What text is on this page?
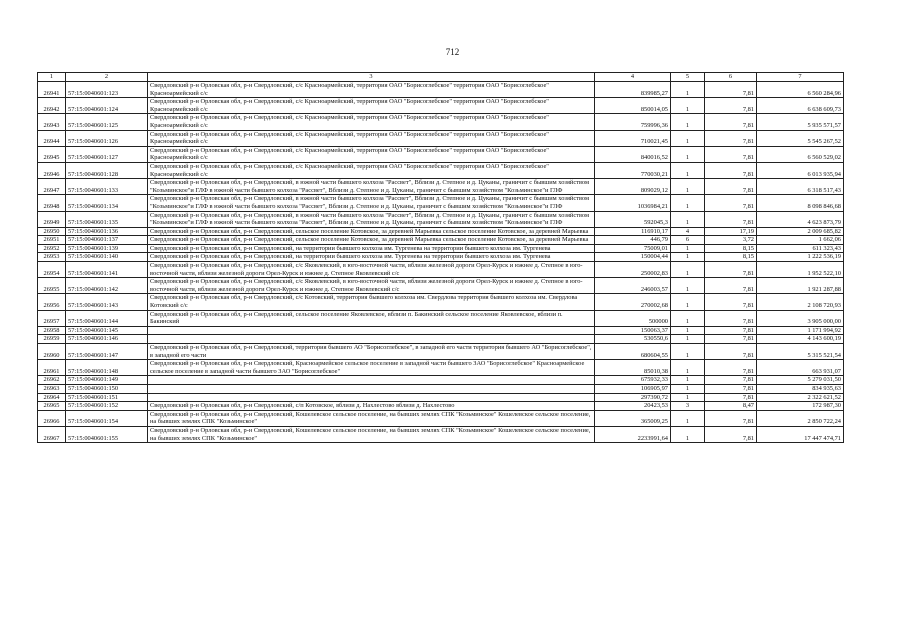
712
1	2	3	4	5	6	7
26941	57:15:0040601:123	Свердловский р-н Орловская обл, р-н Свердловский, с/с Красноармейский, территория ОАО "Борисоглебское" территория ОАО "Борисоглебское" Красноармейский с/с	839985,27	1	7,81	6 560 284,96
26942	57:15:0040601:124	Свердловский р-н Орловская обл, р-н Свердловский, с/с Красноармейский, территория ОАО "Борисоглебское" территория ОАО "Борисоглебское" Красноармейский с/с	850014,05	1	7,81	6 638 609,73
26943	57:15:0040601:125	Свердловский р-н Орловская обл, р-н Свердловский, с/с Красноармейский, территория ОАО "Борисоглебское" территория ОАО "Борисоглебское" Красноармейский с/с	759996,36	1	7,81	5 935 571,57
26944	57:15:0040601:126	Свердловский р-н Орловская обл, р-н Свердловский, с/с Красноармейский, территория ОАО "Борисоглебское" территория ОАО "Борисоглебское" Красноармейский с/с	710021,45	1	7,81	5 545 267,52
26945	57:15:0040601:127	Свердловский р-н Орловская обл, р-н Свердловский, с/с Красноармейский, территория ОАО "Борисоглебское" территория ОАО "Борисоглебское" Красноармейский с/с	840016,52	1	7,81	6 560 529,02
26946	57:15:0040601:128	Свердловский р-н Орловская обл, р-н Свердловский, с/с Красноармейский, территория ОАО "Борисоглебское" территория ОАО "Борисоглебское" Красноармейский с/с	770030,21	1	7,81	6 013 935,94
26947	57:15:0040601:133	Свердловский р-н Орловская обл, р-н Свердловский, в южной части бывшего колхоза "Рассвет", Вблизи д. Степное и д. Цуканы, граничит с бывшим хозяйством "Козьминское"и ГЛФ в южной части бывшего колхоза "Рассвет", Вблизи д. Степное и д. Цуканы, граничит с бывшим хозяйством "Козьминское"и ГЛФ	809029,12	1	7,81	6 318 517,43
26948	57:15:0040601:134	Свердловский р-н Орловская обл, р-н Свердловский, в южной части бывшего колхоза "Рассвет", Вблизи д. Степное и д. Цуканы, граничит с бывшим хозяйством "Козьминское"и ГЛФ в южной части бывшего колхоза "Рассвет", Вблизи д. Степное и д. Цуканы, граничит с бывшим хозяйством "Козьминское"и ГЛФ	1036984,21	1	7,81	8 098 846,68
26949	57:15:0040601:135	Свердловский р-н Орловская обл, р-н Свердловский, в южной части бывшего колхоза "Рассвет", Вблизи д. Степное и д. Цуканы, граничит с бывшим хозяйством "Козьминское"и ГЛФ в южной части бывшего колхоза "Рассвет", Вблизи д. Степное и д. Цуканы, граничит с бывшим хозяйством "Козьминское"и ГЛФ	592045,3	1	7,81	4 623 873,79
26950	57:15:0040601:136	Свердловский р-н Орловская обл, р-н Свердловский, сельское поселение Котовское, за деревней Марьевка сельское поселение Котовское, за деревней Марьевка	116910,17	4	17,19	2 009 685,82
26951	57:15:0040601:137	Свердловский р-н Орловская обл, р-н Свердловский, сельское поселение Котовское, за деревней Марьевка сельское поселение Котовское, за деревней Марьевка	446,79	6	3,72	1 662,06
26952	57:15:0040601:139	Свердловский р-н Орловская обл, р-н Свердловский, на территории бывшего колхоза им. Тургенева на территории бывшего колхоза им. Тургенева	75009,01	1	8,15	611 323,43
26953	57:15:0040601:140	Свердловский р-н Орловская обл, р-н Свердловский, на территории бывшего колхоза им. Тургенева на территории бывшего колхоза им. Тургенева	150004,44	1	8,15	1 222 536,19
26954	57:15:0040601:141	Свердловский р-н Орловская обл, р-н Свердловский, с/с Яковлевский, в юго-восточной части, вблизи железной дороги Орел-Курск и южнее д. Степное в юго-восточной части, вблизи железной дороги Орел-Курск и южнее д. Степное Яковлевский с/с	250002,83	1	7,81	1 952 522,10
26955	57:15:0040601:142	Свердловский р-н Орловская обл, р-н Свердловский, с/с Яковлевский, в юго-восточной части, вблизи железной дороги Орел-Курск и южнее д. Степное в юго-восточной части, вблизи железной дороги Орел-Курск и южнее д. Степное Яковлевский с/с	246003,57	1	7,81	1 921 287,88
26956	57:15:0040601:143	Свердловский р-н Орловская обл, р-н Свердловский, с/с Котовский, территория бывшего колхоза им. Свердлова территория бывшего колхоза им. Свердлова Котовский с/с	270002,68	1	7,81	2 108 720,93
26957	57:15:0040601:144	Свердловский р-н Орловская обл, р-н Свердловский, сельское поселение Яковлевское, вблизи п. Бакинский сельское поселение Яковлевское, вблизи п. Бакинский	500000	1	7,81	3 905 000,00
26958	57:15:0040601:145		150063,37	1	7,81	1 171 994,92
26959	57:15:0040601:146		530550,6	1	7,81	4 143 600,19
26960	57:15:0040601:147	Свердловский р-н Орловская обл, р-н Свердловский, территория бывшего АО "Борисоглебское", в западной его части территория бывшего АО "Борисоглебское", в западной его части	680604,55	1	7,81	5 315 521,54
26961	57:15:0040601:148	Свердловский р-н Орловская обл, р-н Свердловский, Красноармейское сельское поселение в западной части бывшего ЗАО "Борисоглебское" Красноармейское сельское поселение в западной части бывшего ЗАО "Борисоглебское"	85010,38	1	7,81	663 931,07
26962	57:15:0040601:149		675932,33	1	7,81	5 279 031,50
26963	57:15:0040601:150		106905,97	1	7,81	834 935,63
26964	57:15:0040601:151		297390,72	1	7,81	2 322 621,52
26965	57:15:0040601:152	Свердловский р-н Орловская обл, р-н Свердловский, с/п Котовское, вблизи д. Нахлестово вблизи д. Нахлестово	20423,53	3	8,47	172 987,30
26966	57:15:0040601:154	Свердловский р-н Орловская обл, р-н Свердловский, Кошелевское сельское поселение, на бывших землях СПК "Козьминское" Кошелевское сельское поселение, на бывших землях СПК "Козьминское"	365009,25	1	7,81	2 850 722,24
26967	57:15:0040601:155	Свердловский р-н Орловская обл, р-н Свердловский, Кошелевское сельское поселение, на бывших землях СПК "Козьминское" Кошелевское сельское поселение, на бывших землях СПК "Козьминское"	2233991,64	1	7,81	17 447 474,71
